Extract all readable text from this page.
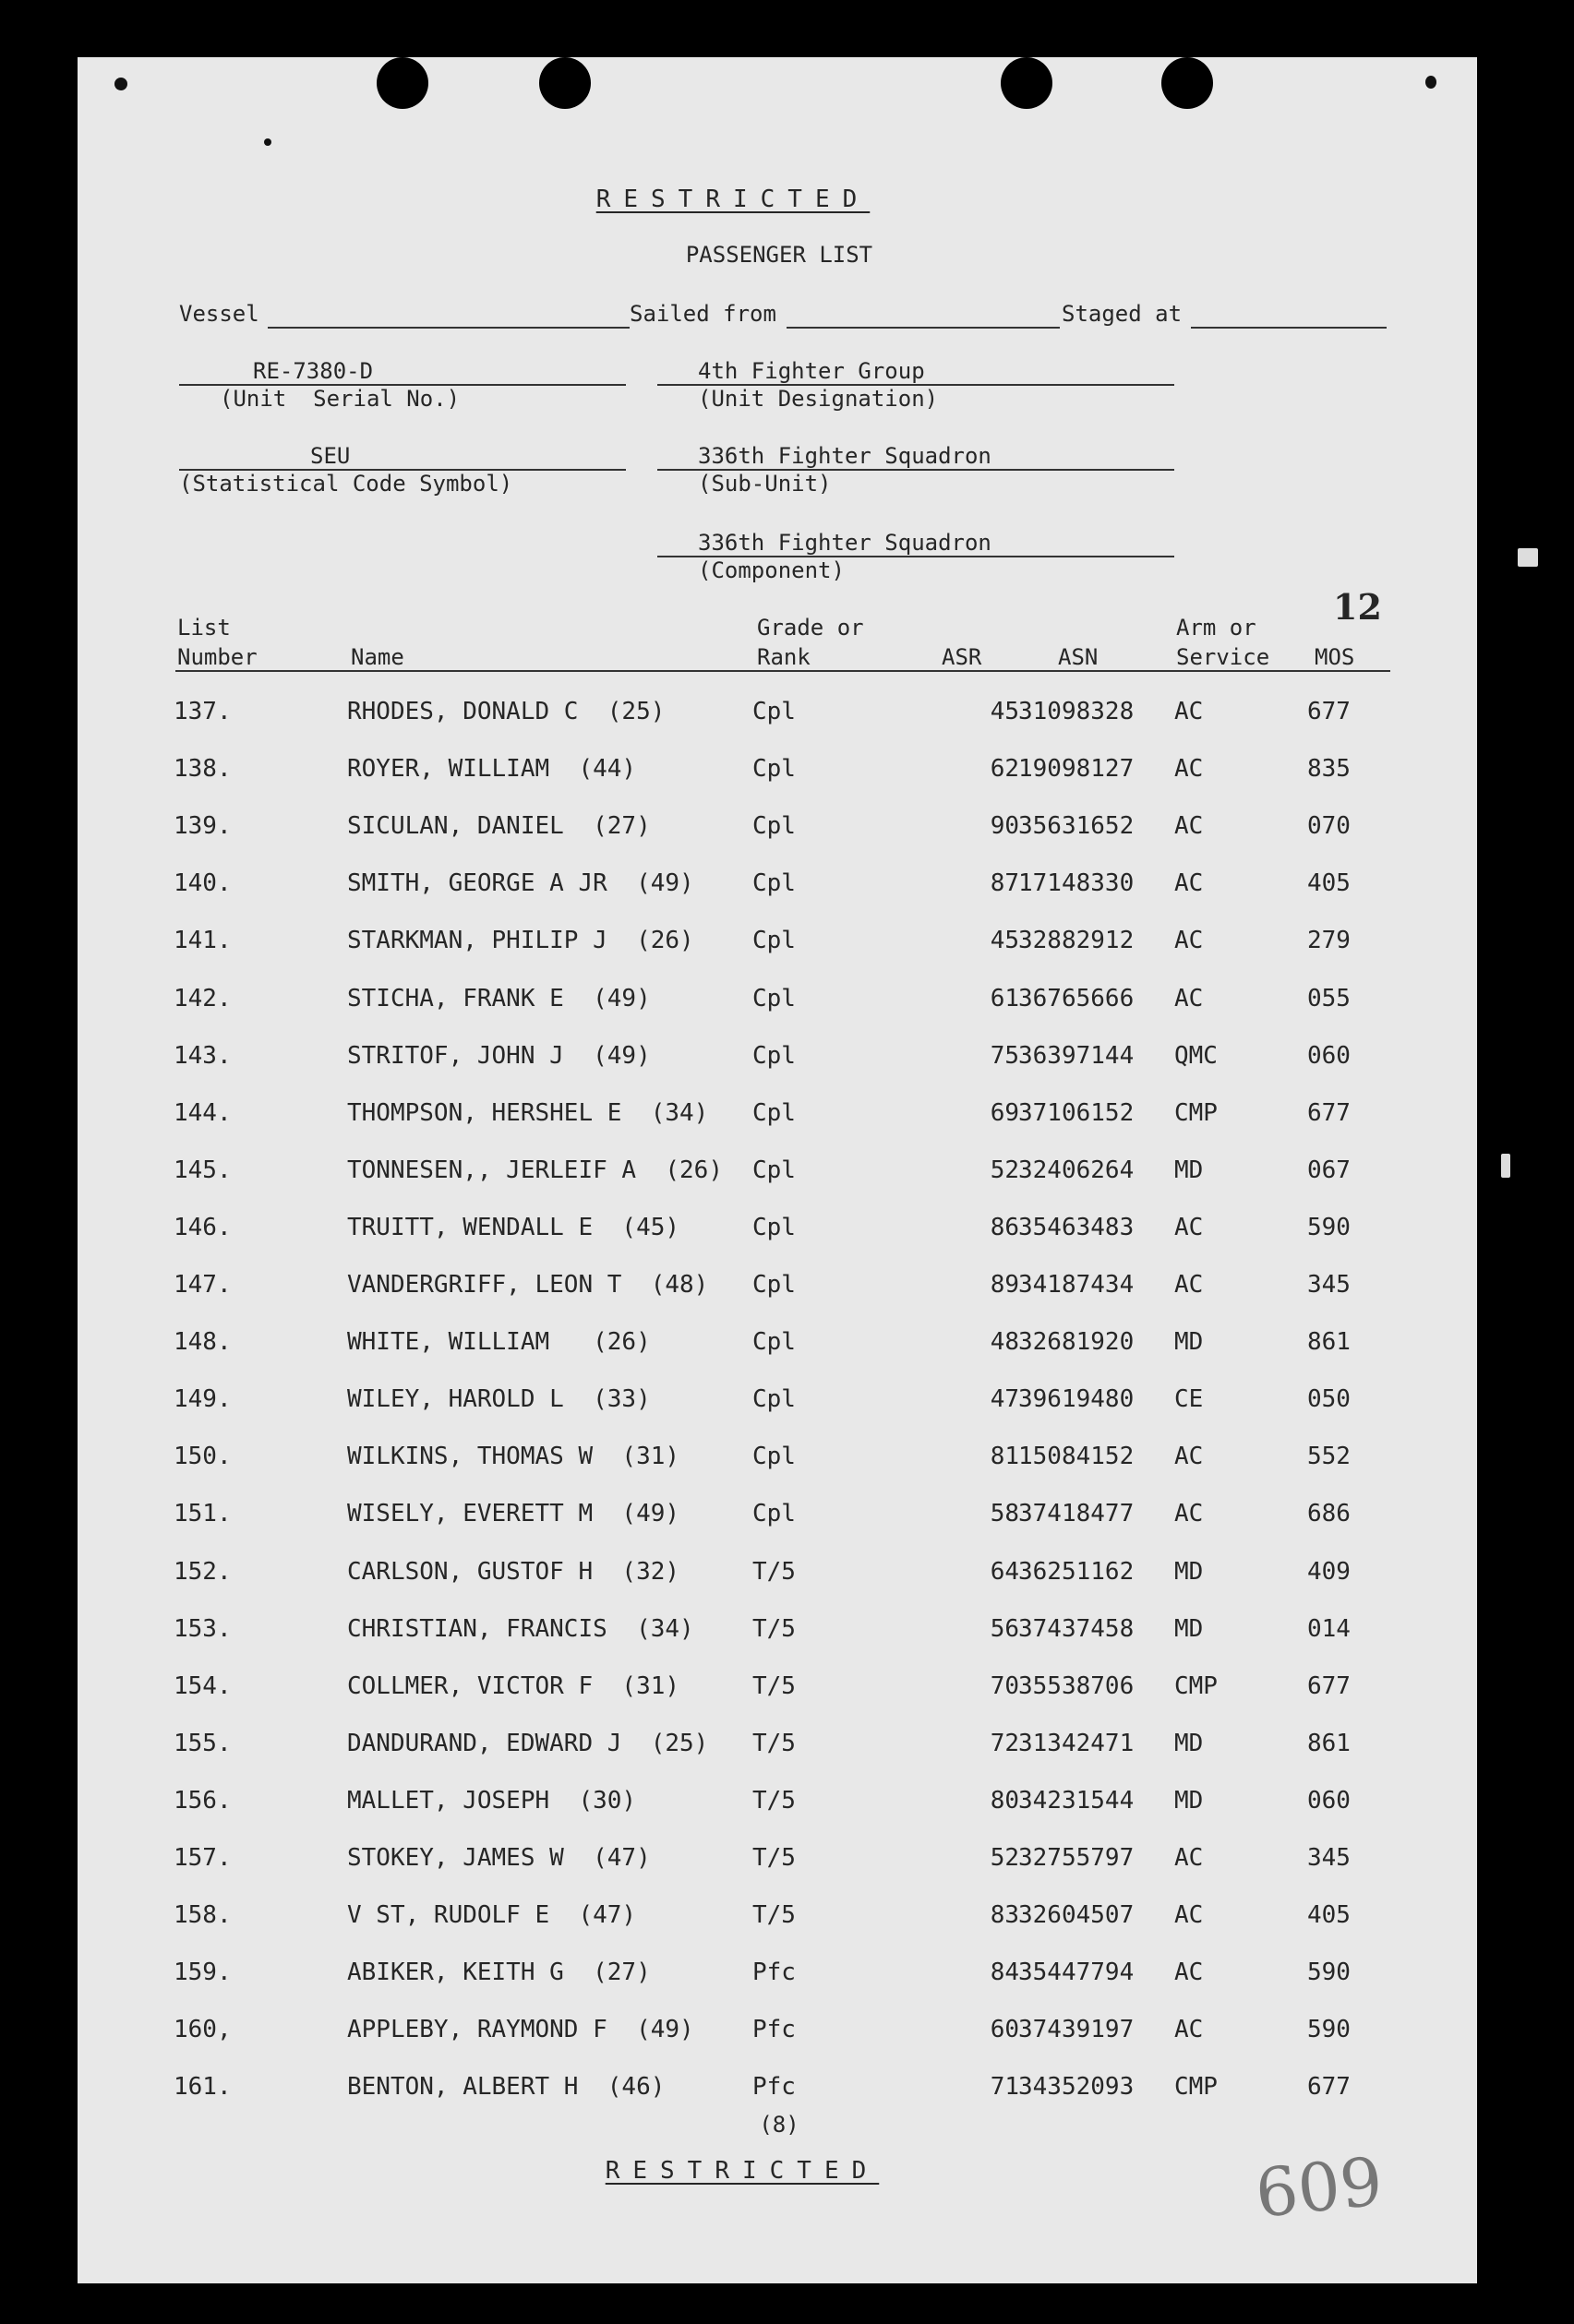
RESTRICTED
PASSENGER LIST
Vessel	Sailed from	Staged at
RE-7380-D
(Unit  Serial No.)
4th Fighter Group
(Unit Designation)
SEU
(Statistical Code Symbol)
336th Fighter Squadron
(Sub-Unit)
336th Fighter Squadron
(Component)
12
List
Number	Name
Grade or
Rank	ASR	ASN
Arm or
Service MOS
137.	RHODES, DONALD C  (25)	Cpl	45 31098328 AC	677
138.	ROYER, WILLIAM  (44)	Cpl	62 19098127 AC	835
139.	SICULAN, DANIEL  (27)	Cpl	90 35631652 AC	070
140.	SMITH, GEORGE A JR  (49) Cpl	87 17148330 AC	405
141.	STARKMAN, PHILIP J  (26) Cpl	45 32882912 AC	279
142.	STICHA, FRANK E  (49)	Cpl	61 36765666 AC	055
143.	STRITOF, JOHN J  (49)	Cpl	75 36397144 QMC	060
144.	THOMPSON, HERSHEL E  (34) Cpl	69 37106152 CMP	677
145.	TONNESEN,, JERLEIF A  (26) Cpl	52 32406264 MD	067
146.	TRUITT, WENDALL E  (45)	Cpl	86 35463483 AC	590
147.	VANDERGRIFF, LEON T  (48) Cpl	89 34187434 AC	345
148.	WHITE, WILLIAM   (26)	Cpl	48 32681920 MD	861
149.	WILEY, HAROLD L  (33)	Cpl	47 39619480 CE	050
150.	WILKINS, THOMAS W  (31)	Cpl	81 15084152 AC	552
151.	WISELY, EVERETT M  (49)	Cpl	58 37418477 AC	686
152.	CARLSON, GUSTOF H  (32)	T/5	64 36251162 MD	409
153.	CHRISTIAN, FRANCIS  (34) T/5	56 37437458 MD	014
154.	COLLMER, VICTOR F  (31)	T/5	70 35538706 CMP	677
155.	DANDURAND, EDWARD J  (25) T/5	72 31342471 MD	861
156.	MALLET, JOSEPH  (30)	T/5	80 34231544 MD	060
157.	STOKEY, JAMES W  (47)	T/5	52 32755797 AC	345
158.	V ST, RUDOLF E  (47)	T/5	83 32604507 AC	405
159.	ABIKER, KEITH G  (27)	Pfc	84 35447794 AC	590
160,	APPLEBY, RAYMOND F  (49) Pfc	60 37439197 AC	590
161.	BENTON, ALBERT H  (46)	Pfc	71 34352093 CMP	677
(8)
RESTRICTED	609
